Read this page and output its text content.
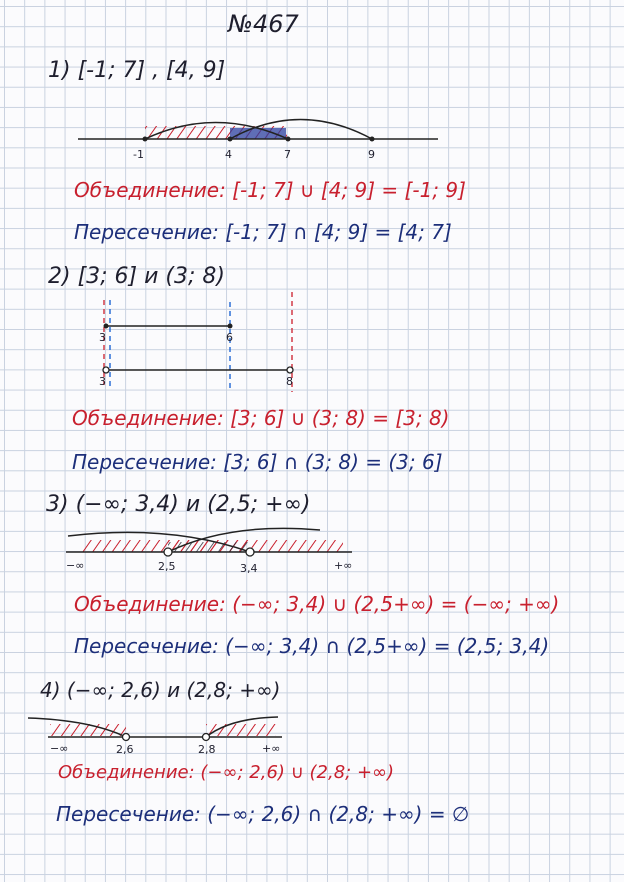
№467
1) [-1; 7] , [4, 9]
-1	4	7	9
Объединение: [-1; 7] ∪ [4; 9] = [-1; 9]
Пересечение: [-1; 7] ∩ [4; 9] = [4; 7]
2) [3; 6] и (3; 8)
3	6
3	8
Объединение: [3; 6] ∪ (3; 8) = [3; 8)
Пересечение: [3; 6] ∩ (3; 8) = (3; 6]
3) (−∞; 3,4) и (2,5; +∞)
−∞	2,5	3,4	+∞
Объединение: (−∞; 3,4) ∪ (2,5+∞) = (−∞; +∞)
Пересечение: (−∞; 3,4) ∩ (2,5+∞) = (2,5; 3,4)
4) (−∞; 2,6) и (2,8; +∞)
−∞	2,6	2,8	+∞
Объединение: (−∞; 2,6) ∪ (2,8; +∞)
Пересечение: (−∞; 2,6) ∩ (2,8; +∞) = ∅
